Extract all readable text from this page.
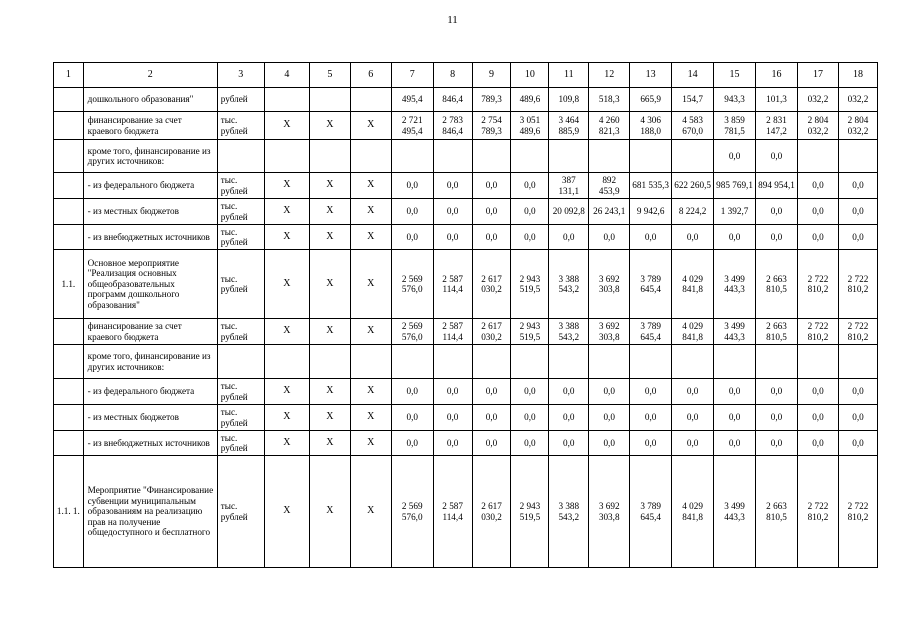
11
1	2	3	4	5	6	7	8	9	10	11	12	13	14	15	16	17	18
	дошкольного образования"	рублей				495,4	846,4	789,3	489,6	109,8	518,3	665,9	154,7	943,3	101,3	032,2	032,2
	финансирование за счет краевого бюджета	тыс. рублей	Х	Х	Х	2 721 495,4	2 783 846,4	2 754 789,3	3 051 489,6	3 464 885,9	4 260 821,3	4 306 188,0	4 583 670,0	3 859 781,5	2 831 147,2	2 804 032,2	2 804 032,2
	кроме того, финансирование из других источников:													0,0	0,0		
	- из федерального бюджета	тыс. рублей	Х	Х	Х	0,0	0,0	0,0	0,0	387 131,1	892 453,9	681 535,3	622 260,5	985 769,1	894 954,1	0,0	0,0
	- из местных бюджетов	тыс. рублей	Х	Х	Х	0,0	0,0	0,0	0,0	20 092,8	26 243,1	9 942,6	8 224,2	1 392,7	0,0	0,0	0,0
	- из внебюджетных источников	тыс. рублей	Х	Х	Х	0,0	0,0	0,0	0,0	0,0	0,0	0,0	0,0	0,0	0,0	0,0	0,0
1.1.	Основное мероприятие "Реализация основных общеобразовательных программ дошкольного образования"	тыс. рублей	Х	Х	Х	2 569 576,0	2 587 114,4	2 617 030,2	2 943 519,5	3 388 543,2	3 692 303,8	3 789 645,4	4 029 841,8	3 499 443,3	2 663 810,5	2 722 810,2	2 722 810,2
	финансирование за счет краевого бюджета	тыс. рублей	Х	Х	Х	2 569 576,0	2 587 114,4	2 617 030,2	2 943 519,5	3 388 543,2	3 692 303,8	3 789 645,4	4 029 841,8	3 499 443,3	2 663 810,5	2 722 810,2	2 722 810,2
	кроме того, финансирование из других источников:																
	- из федерального бюджета	тыс. рублей	Х	Х	Х	0,0	0,0	0,0	0,0	0,0	0,0	0,0	0,0	0,0	0,0	0,0	0,0
	- из местных бюджетов	тыс. рублей	Х	Х	Х	0,0	0,0	0,0	0,0	0,0	0,0	0,0	0,0	0,0	0,0	0,0	0,0
	- из внебюджетных источников	тыс. рублей	Х	Х	Х	0,0	0,0	0,0	0,0	0,0	0,0	0,0	0,0	0,0	0,0	0,0	0,0
1.1. 1.	Мероприятие "Финансирование субвенции муниципальным образованиям на реализацию прав на получение общедоступного и бесплатного	тыс. рублей	Х	Х	Х	2 569 576,0	2 587 114,4	2 617 030,2	2 943 519,5	3 388 543,2	3 692 303,8	3 789 645,4	4 029 841,8	3 499 443,3	2 663 810,5	2 722 810,2	2 722 810,2
